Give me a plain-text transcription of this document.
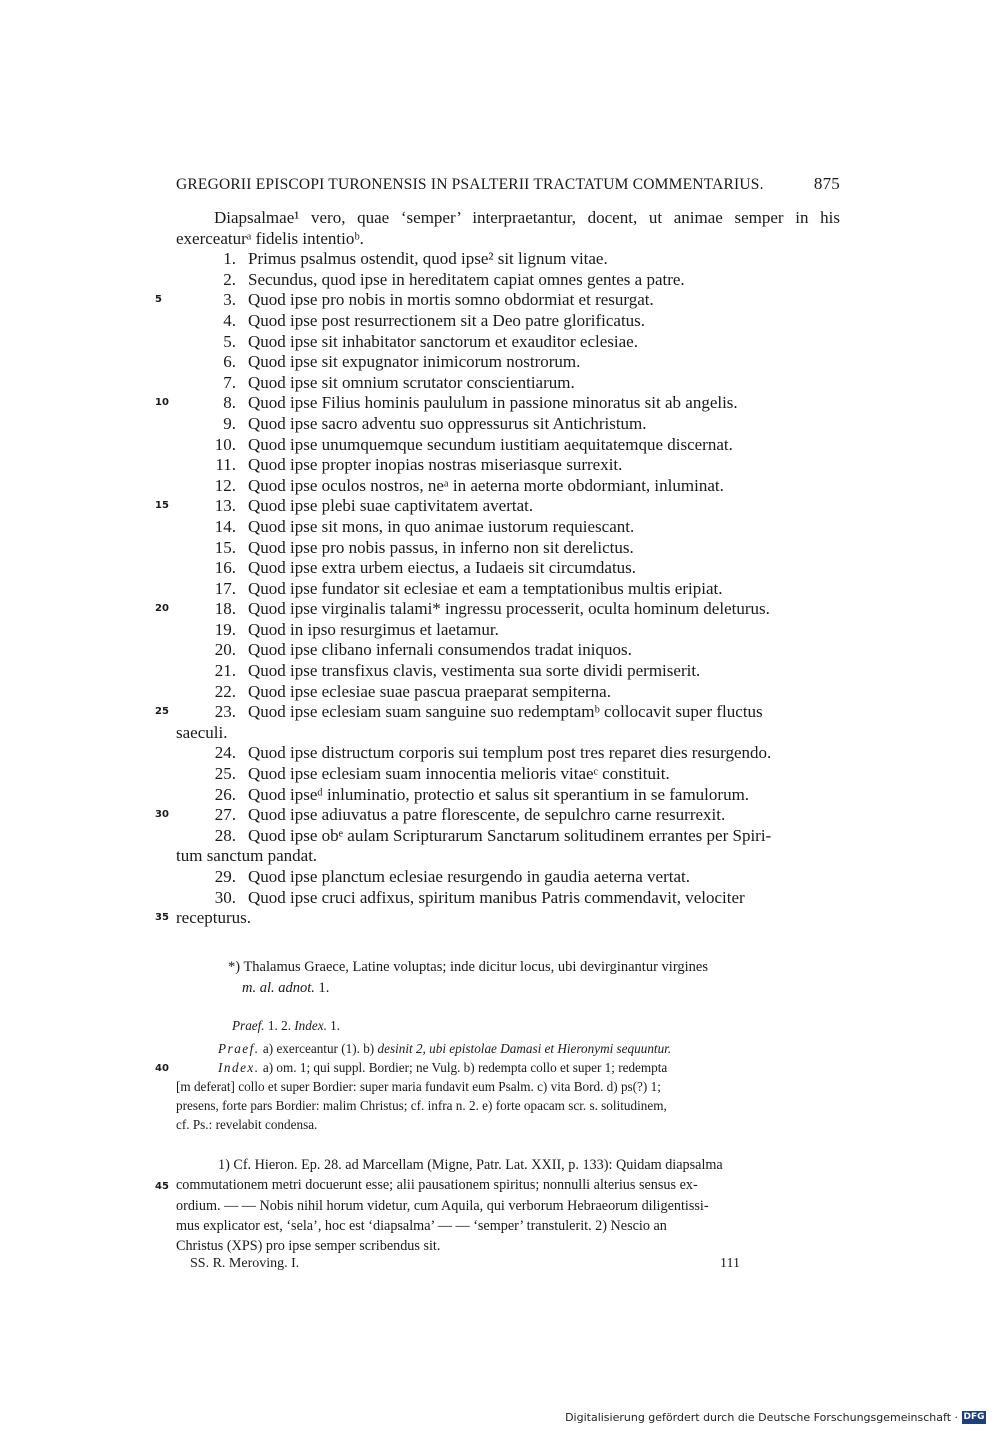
GREGORII EPISCOPI TURONENSIS IN PSALTERII TRACTATUM COMMENTARIUS.	875
Diapsalmae¹ vero, quae ‘semper’ interpraetantur, docent, ut animae semper in his
exerceaturᵃ fidelis intentioᵇ.
1. Primus psalmus ostendit, quod ipse² sit lignum vitae.
2. Secundus, quod ipse in hereditatem capiat omnes gentes a patre.
5	3. Quod ipse pro nobis in mortis somno obdormiat et resurgat.
4. Quod ipse post resurrectionem sit a Deo patre glorificatus.
5. Quod ipse sit inhabitator sanctorum et exauditor eclesiae.
6. Quod ipse sit expugnator inimicorum nostrorum.
7. Quod ipse sit omnium scrutator conscientiarum.
10	8. Quod ipse Filius hominis paululum in passione minoratus sit ab angelis.
9. Quod ipse sacro adventu suo oppressurus sit Antichristum.
10. Quod ipse unumquemque secundum iustitiam aequitatemque discernat.
11. Quod ipse propter inopias nostras miseriasque surrexit.
12. Quod ipse oculos nostros, neᵃ in aeterna morte obdormiant, inluminat.
15	13. Quod ipse plebi suae captivitatem avertat.
14. Quod ipse sit mons, in quo animae iustorum requiescant.
15. Quod ipse pro nobis passus, in inferno non sit derelictus.
16. Quod ipse extra urbem eiectus, a Iudaeis sit circumdatus.
17. Quod ipse fundator sit eclesiae et eam a temptationibus multis eripiat.
20	18. Quod ipse virginalis talami* ingressu processerit, oculta hominum deleturus.
19. Quod in ipso resurgimus et laetamur.
20. Quod ipse clibano infernali consumendos tradat iniquos.
21. Quod ipse transfixus clavis, vestimenta sua sorte dividi permiserit.
22. Quod ipse eclesiae suae pascua praeparat sempiterna.
25	23. Quod ipse eclesiam suam sanguine suo redemptamᵇ collocavit super fluctus
saeculi.
24. Quod ipse distructum corporis sui templum post tres reparet dies resurgendo.
25. Quod ipse eclesiam suam innocentia melioris vitaeᶜ constituit.
26. Quod ipseᵈ inluminatio, protectio et salus sit sperantium in se famulorum.
30	27. Quod ipse adiuvatus a patre florescente, de sepulchro carne resurrexit.
28. Quod ipse obᵉ aulam Scripturarum Sanctarum solitudinem errantes per Spiri-
tum sanctum pandat.
29. Quod ipse planctum eclesiae resurgendo in gaudia aeterna vertat.
30. Quod ipse cruci adfixus, spiritum manibus Patris commendavit, velociter
35 recepturus.
*) Thalamus Graece, Latine voluptas; inde dicitur locus, ubi devirginantur virgines
m. al. adnot. 1.
Praef. 1. 2. Index. 1.
Praef. a) exerceantur (1). b) desinit 2, ubi epistolae Damasi et Hieronymi sequuntur.
40	Index. a) om. 1; qui suppl. Bordier; ne Vulg. b) redempta collo et super 1; redempta
[m deferat] collo et super Bordier: super maria fundavit eum Psalm. c) vita Bord. d) ps(?) 1;
presens, forte pars Bordier: malim Christus; cf. infra n. 2. e) forte opacam scr. s. solitudinem,
cf. Ps.: revelabit condensa.
1) Cf. Hieron. Ep. 28. ad Marcellam (Migne, Patr. Lat. XXII, p. 133): Quidam diapsalma
45 commutationem metri docuerunt esse; alii pausationem spiritus; nonnulli alterius sensus ex-
ordium. — — Nobis nihil horum videtur, cum Aquila, qui verborum Hebraeorum diligentissi-
mus explicator est, ‘sela’, hoc est ‘diapsalma’ — — ‘semper’ transtulerit. 2) Nescio an
Christus (XPS) pro ipse semper scribendus sit.
SS. R. Meroving. I.	111
Digitalisierung gefördert durch die Deutsche Forschungsgemeinschaft · DFG
